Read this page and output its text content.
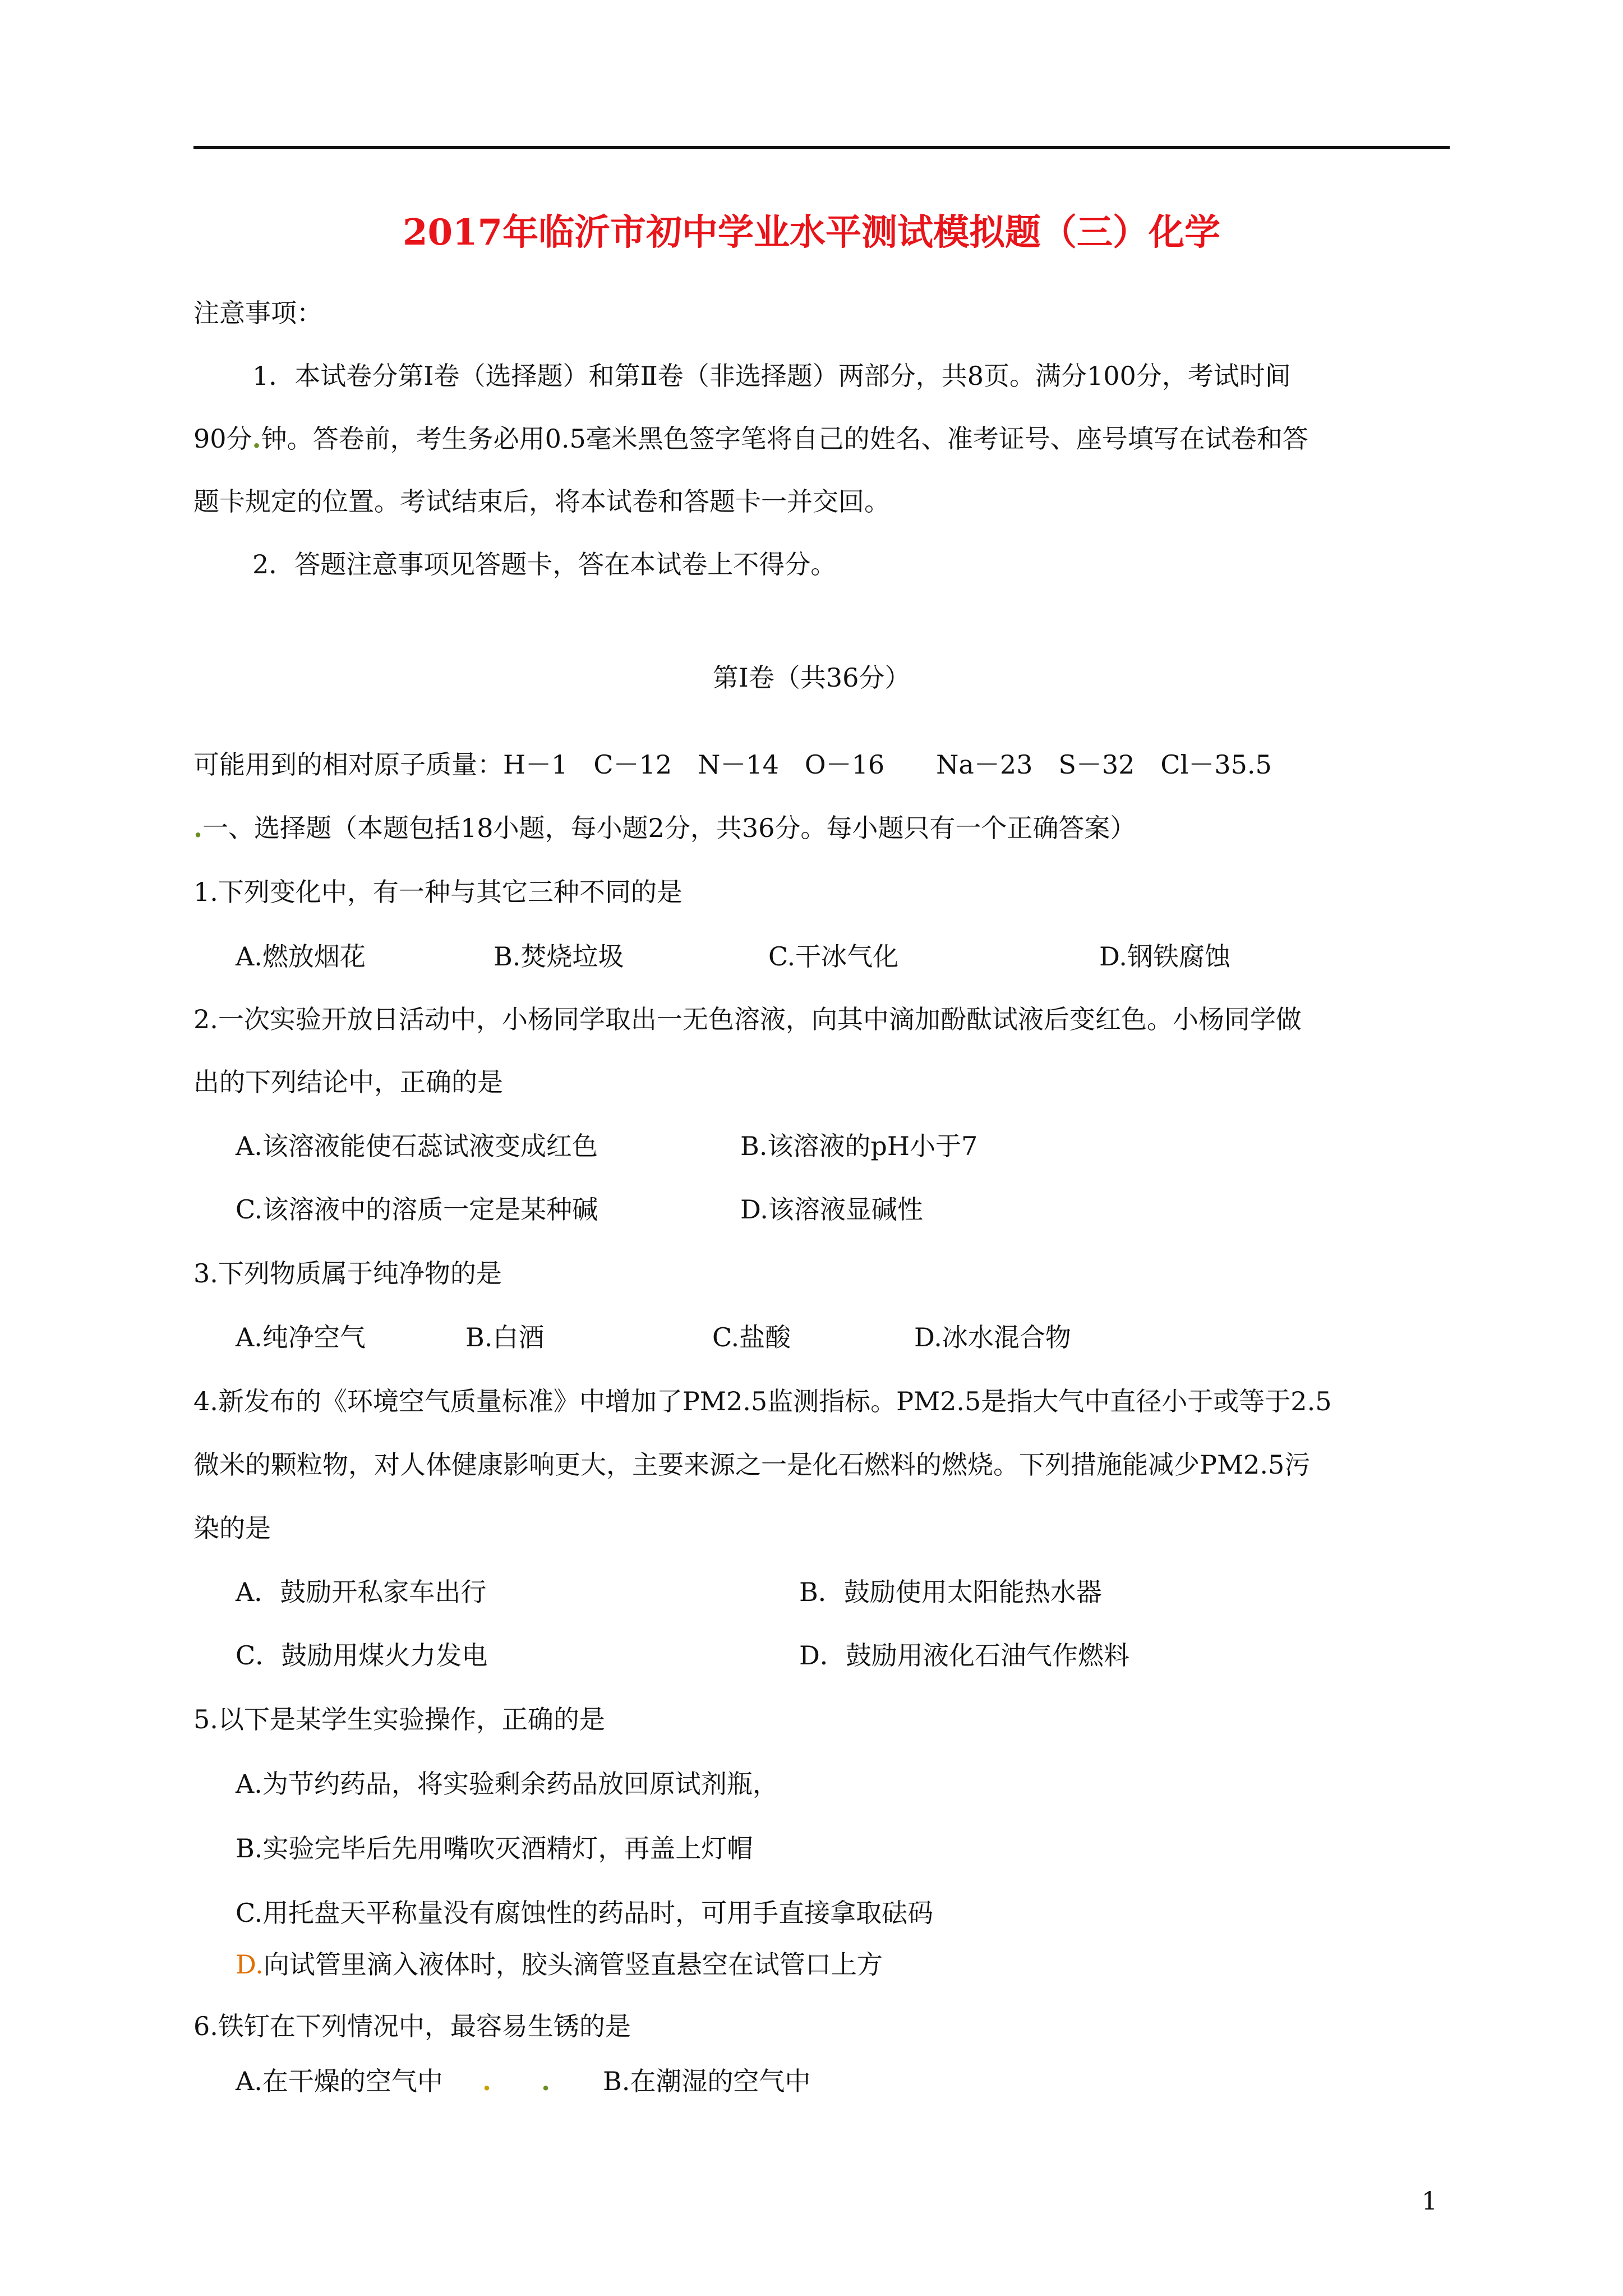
2017年临沂市初中学业水平测试模拟题（三）化学
注意事项：
1．本试卷分第Ⅰ卷（选择题）和第Ⅱ卷（非选择题）两部分，共8页。满分100分，考试时间
90分.钟。答卷前，考生务必用0.5毫米黑色签字笔将自己的姓名、准考证号、座号填写在试卷和答
题卡规定的位置。考试结束后，将本试卷和答题卡一并交回。
2．答题注意事项见答题卡，答在本试卷上不得分。
第Ⅰ卷（共36分）
可能用到的相对原子质量：H－1　C－12　N－14　O－16　　Na－23　S－32　Cl－35.5
.一、选择题（本题包括18小题，每小题2分，共36分。每小题只有一个正确答案）
1.下列变化中，有一种与其它三种不同的是
A.燃放烟花	B.焚烧垃圾	C.干冰气化	D.钢铁腐蚀
2.一次实验开放日活动中，小杨同学取出一无色溶液，向其中滴加酚酞试液后变红色。小杨同学做
出的下列结论中，正确的是
A.该溶液能使石蕊试液变成红色	B.该溶液的pH小于7
C.该溶液中的溶质一定是某种碱	D.该溶液显碱性
3.下列物质属于纯净物的是
A.纯净空气	B.白酒	C.盐酸	D.冰水混合物
4.新发布的《环境空气质量标准》中增加了PM2.5监测指标。PM2.5是指大气中直径小于或等于2.5
微米的颗粒物，对人体健康影响更大，主要来源之一是化石燃料的燃烧。下列措施能减少PM2.5污
染的是
A．鼓励开私家车出行	B．鼓励使用太阳能热水器
C．鼓励用煤火力发电	D．鼓励用液化石油气作燃料
5.以下是某学生实验操作，正确的是
A.为节约药品，将实验剩余药品放回原试剂瓶，
B.实验完毕后先用嘴吹灭酒精灯，再盖上灯帽
C.用托盘天平称量没有腐蚀性的药品时，可用手直接拿取砝码
D.向试管里滴入液体时，胶头滴管竖直悬空在试管口上方
6.铁钉在下列情况中，最容易生锈的是
A.在干燥的空气中 . . B.在潮湿的空气中
1
